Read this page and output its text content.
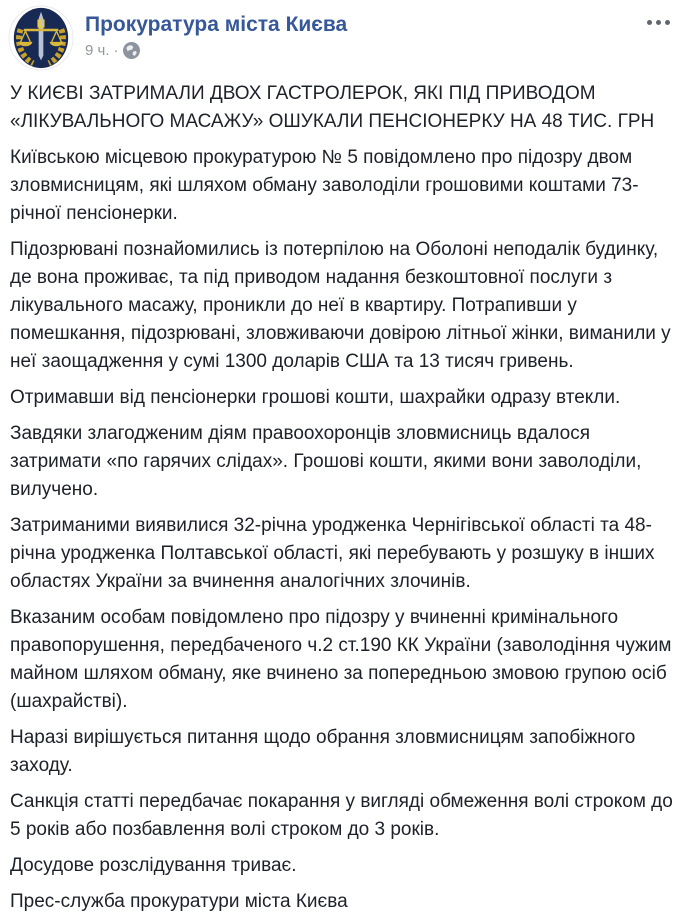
Прокуратура міста Києва
9 ч. ·

У КИЄВІ ЗАТРИМАЛИ ДВОХ ГАСТРОЛЕРОК, ЯКІ ПІД ПРИВОДОМ «ЛІКУВАЛЬНОГО МАСАЖУ» ОШУКАЛИ ПЕНСІОНЕРКУ НА 48 ТИС. ГРН

Київською місцевою прокуратурою № 5 повідомлено про підозру двом зловмисницям, які шляхом обману заволоділи грошовими коштами 73-річної пенсіонерки.

Підозрювані познайомились із потерпілою на Оболоні неподалік будинку, де вона проживає, та під приводом надання безкоштовної послуги з лікувального масажу, проникли до неї в квартиру. Потрапивши у помешкання, підозрювані, зловживаючи довірою літньої жінки, виманили у неї заощадження у сумі 1300 доларів США та 13 тисяч гривень.

Отримавши від пенсіонерки грошові кошти, шахрайки одразу втекли.

Завдяки злагодженим діям правоохоронців зловмисниць вдалося затримати «по гарячих слідах». Грошові кошти, якими вони заволоділи, вилучено.

Затриманими виявилися 32-річна уродженка Чернігівської області та 48-річна уродженка Полтавської області, які перебувають у розшуку в інших областях України за вчинення аналогічних злочинів.

Вказаним особам повідомлено про підозру у вчиненні кримінального правопорушення, передбаченого ч.2 ст.190 КК України (заволодіння чужим майном шляхом обману, яке вчинено за попередньою змовою групою осіб (шахрайстві).

Наразі вирішується питання щодо обрання зловмисницям запобіжного заходу.

Санкція статті передбачає покарання у вигляді обмеження волі строком до 5 років або позбавлення волі строком до 3 років.

Досудове розслідування триває.

Прес-служба прокуратури міста Києва
